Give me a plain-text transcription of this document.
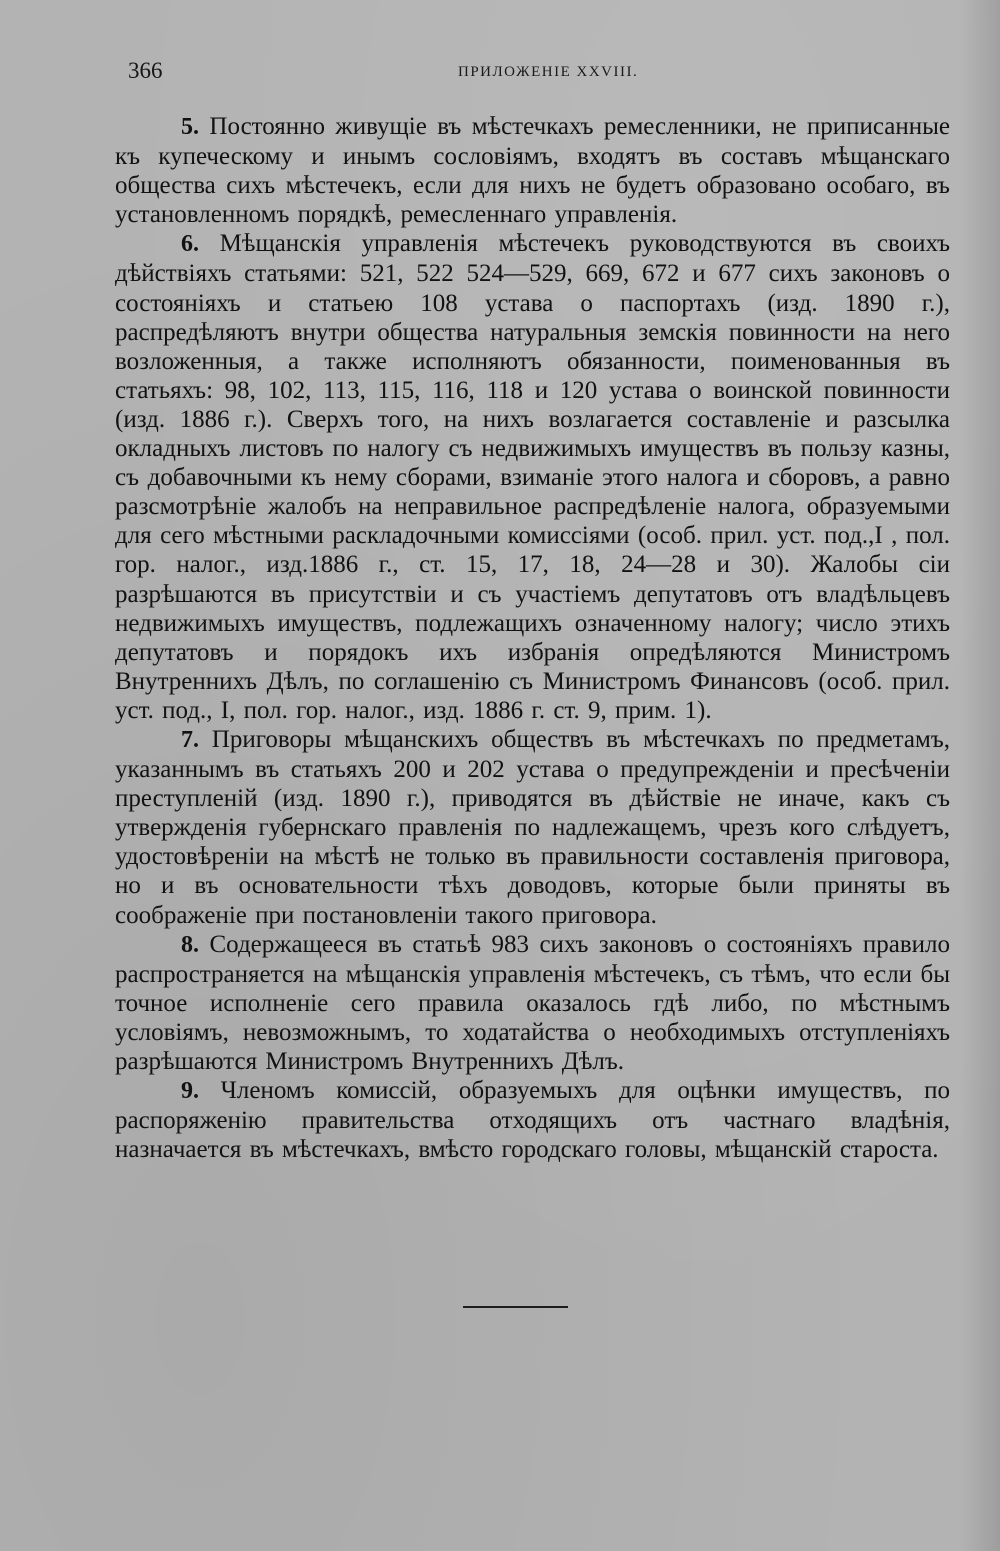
366	ПРИЛОЖЕНІЕ XXVIII.

5. Постоянно живущіе въ мѣстечкахъ ремесленники, не приписанные къ купеческому и инымъ сословіямъ, входятъ въ составъ мѣщанскаго общества сихъ мѣстечекъ, если для нихъ не будетъ образовано особаго, въ установленномъ порядкѣ, ремесленнаго управленія.

6. Мѣщанскія управленія мѣстечекъ руководствуются въ своихъ дѣйствіяхъ статьями: 521, 522 524—529, 669, 672 и 677 сихъ законовъ о состояніяхъ и статьею 108 устава о паспортахъ (изд. 1890 г.), распредѣляютъ внутри общества натуральныя земскія повинности на него возложенныя, а также исполняютъ обязанности, поименованныя въ статьяхъ: 98, 102, 113, 115, 116, 118 и 120 устава о воинской повинности (изд. 1886 г.). Сверхъ того, на нихъ возлагается составленіе и разсылка окладныхъ листовъ по налогу съ недвижимыхъ имуществъ въ пользу казны, съ добавочными къ нему сборами, взиманіе этого налога и сборовъ, а равно разсмотрѣніе жалобъ на неправильное распредѣленіе налога, образуемыми для сего мѣстными раскладочными комиссіями (особ. прил. уст. под.,I , пол. гор. налог., изд.1886 г., ст. 15, 17, 18, 24—28 и 30). Жалобы сіи разрѣшаются въ присутствіи и съ участіемъ депутатовъ отъ владѣльцевъ недвижимыхъ имуществъ, подлежащихъ означенному налогу; число этихъ депутатовъ и порядокъ ихъ избранія опредѣляются Министромъ Внутреннихъ Дѣлъ, по соглашенію съ Министромъ Финансовъ (особ. прил. уст. под., I, пол. гор. налог., изд. 1886 г. ст. 9, прим. 1).

7. Приговоры мѣщанскихъ обществъ въ мѣстечкахъ по предметамъ, указаннымъ въ статьяхъ 200 и 202 устава о предупрежденіи и пресѣченіи преступленій (изд. 1890 г.), приводятся въ дѣйствіе не иначе, какъ съ утвержденія губернскаго правленія по надлежащемъ, чрезъ кого слѣдуетъ, удостовѣреніи на мѣстѣ не только въ правильности составленія приговора, но и въ основательности тѣхъ доводовъ, которые были приняты въ соображеніе при постановленіи такого приговора.

8. Содержащееся въ статьѣ 983 сихъ законовъ о состояніяхъ правило распространяется на мѣщанскія управленія мѣстечекъ, съ тѣмъ, что если бы точное исполненіе сего правила оказалось гдѣ либо, по мѣстнымъ условіямъ, невозможнымъ, то ходатайства о необходимыхъ отступленіяхъ разрѣшаются Министромъ Внутреннихъ Дѣлъ.

9. Членомъ комиссій, образуемыхъ для оцѣнки имуществъ, по распоряженію правительства отходящихъ отъ частнаго владѣнія, назначается въ мѣстечкахъ, вмѣсто городскаго головы, мѣщанскій староста.
